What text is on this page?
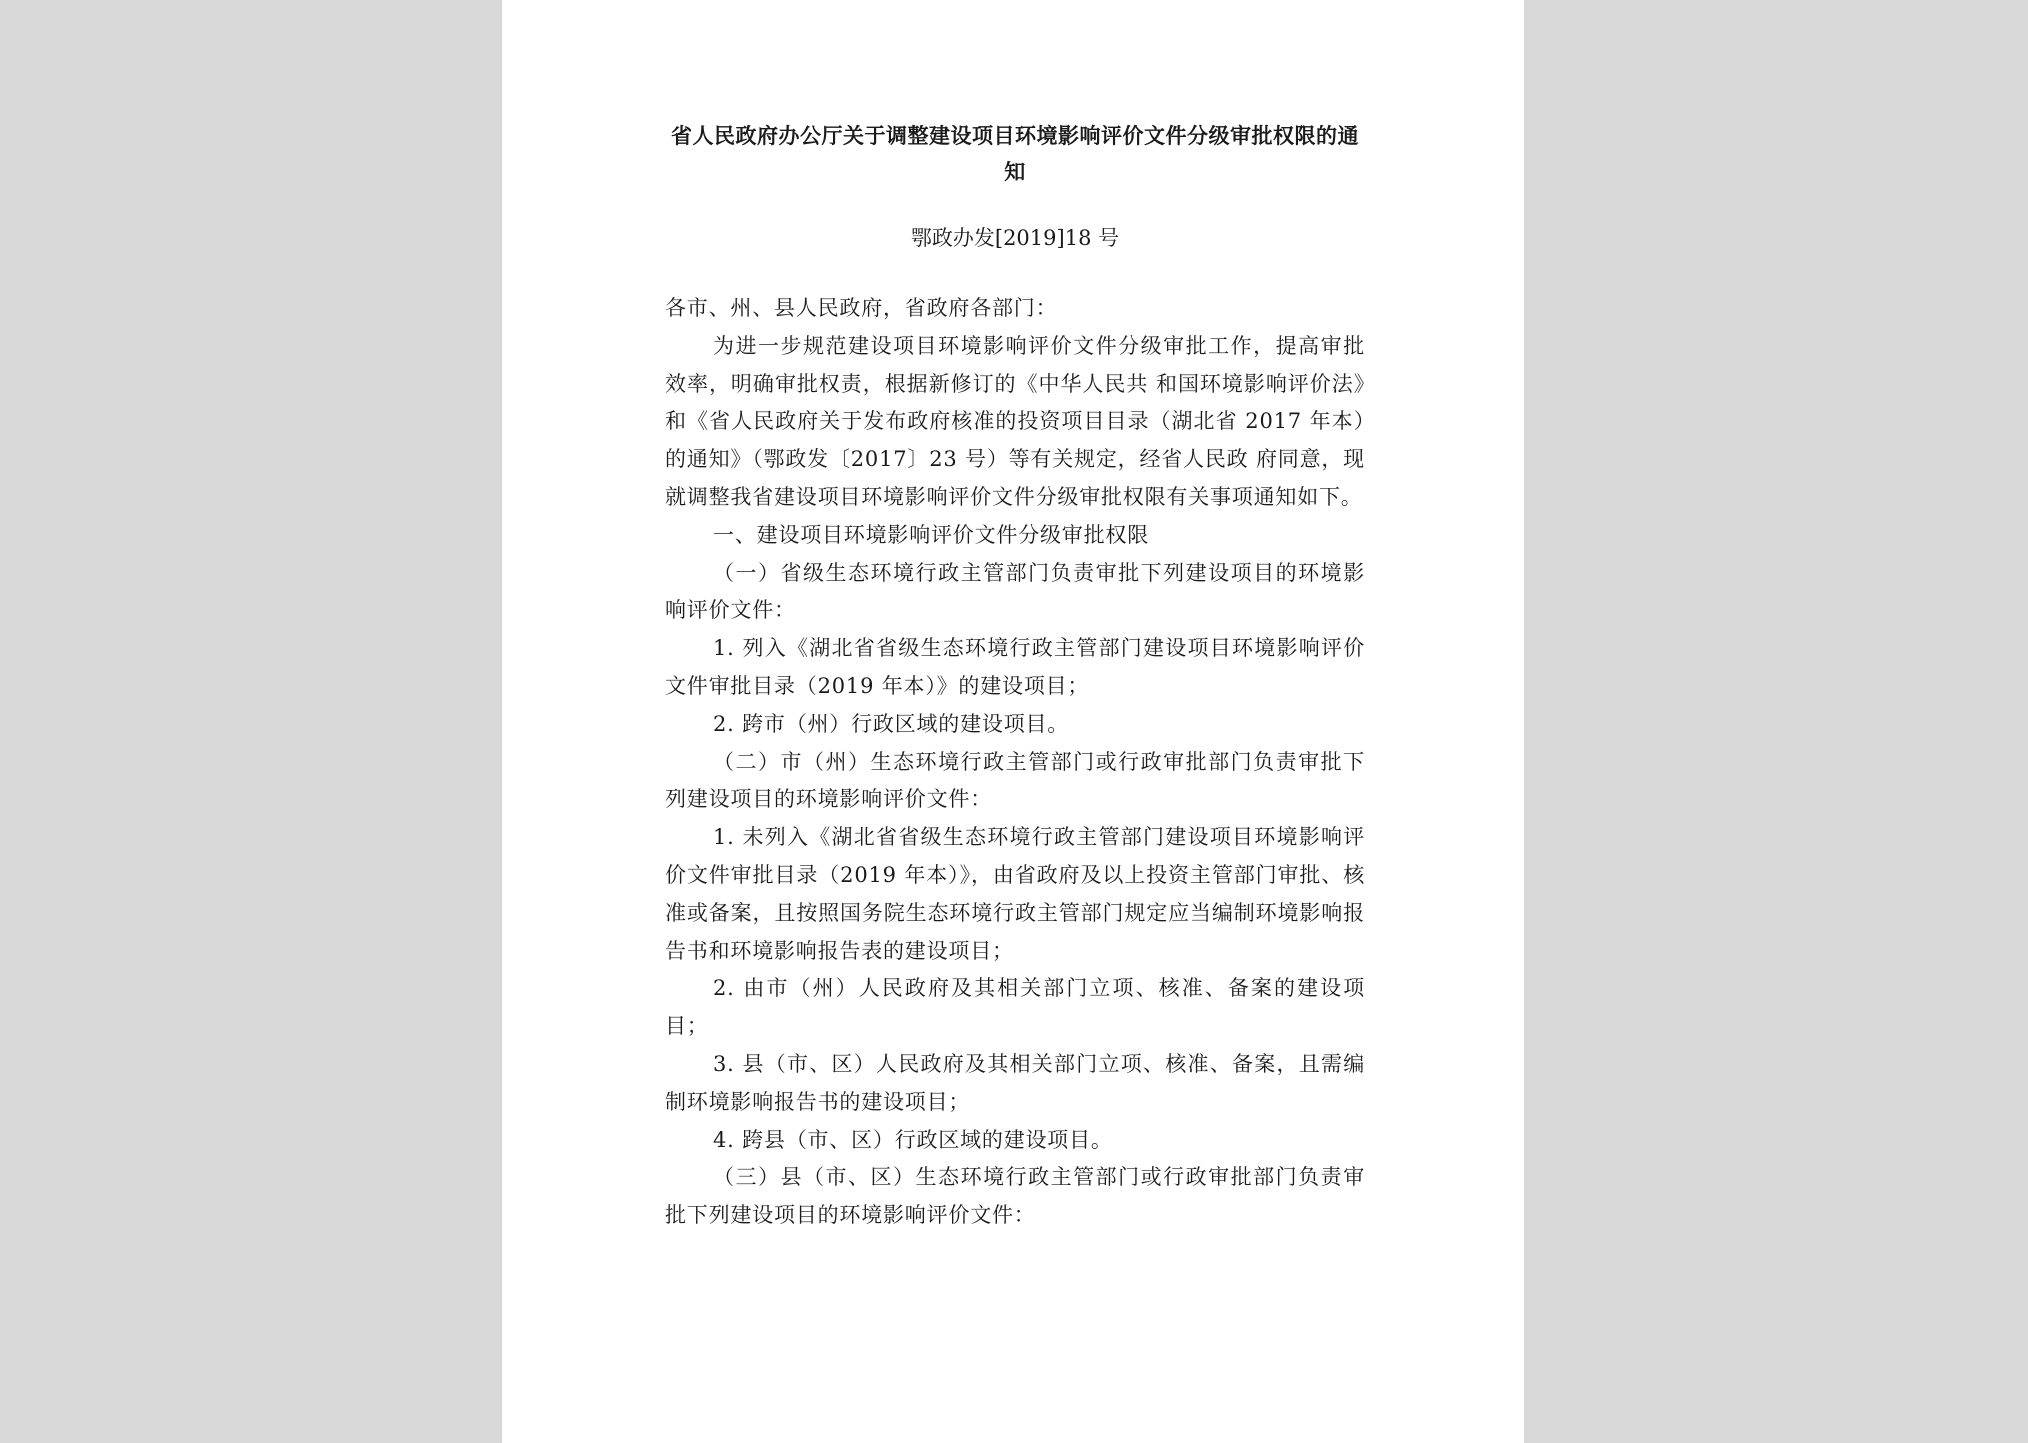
省人民政府办公厅关于调整建设项目环境影响评价文件分级审批权限的通知
鄂政办发[2019]18 号

各市、州、县人民政府，省政府各部门：

为进一步规范建设项目环境影响评价文件分级审批工作，提高审批效率，明确审批权责，根据新修订的《中华人民共 和国环境影响评价法》和《省人民政府关于发布政府核准的投资项目目录（湖北省 2017 年本）的通知》（鄂政发〔2017〕23 号）等有关规定，经省人民政 府同意，现就调整我省建设项目环境影响评价文件分级审批权限有关事项通知如下。

一、建设项目环境影响评价文件分级审批权限

（一）省级生态环境行政主管部门负责审批下列建设项目的环境影响评价文件：

1. 列入《湖北省省级生态环境行政主管部门建设项目环境影响评价文件审批目录（2019 年本）》的建设项目；

2. 跨市（州）行政区域的建设项目。

（二）市（州）生态环境行政主管部门或行政审批部门负责审批下列建设项目的环境影响评价文件：

1. 未列入《湖北省省级生态环境行政主管部门建设项目环境影响评价文件审批目录（2019 年本）》，由省政府及以上投资主管部门审批、核准或备案，且按照国务院生态环境行政主管部门规定应当编制环境影响报告书和环境影响报告表的建设项目；

2. 由市（州）人民政府及其相关部门立项、核准、备案的建设项目；

3. 县（市、区）人民政府及其相关部门立项、核准、备案，且需编制环境影响报告书的建设项目；

4. 跨县（市、区）行政区域的建设项目。

（三）县（市、区）生态环境行政主管部门或行政审批部门负责审批下列建设项目的环境影响评价文件：
